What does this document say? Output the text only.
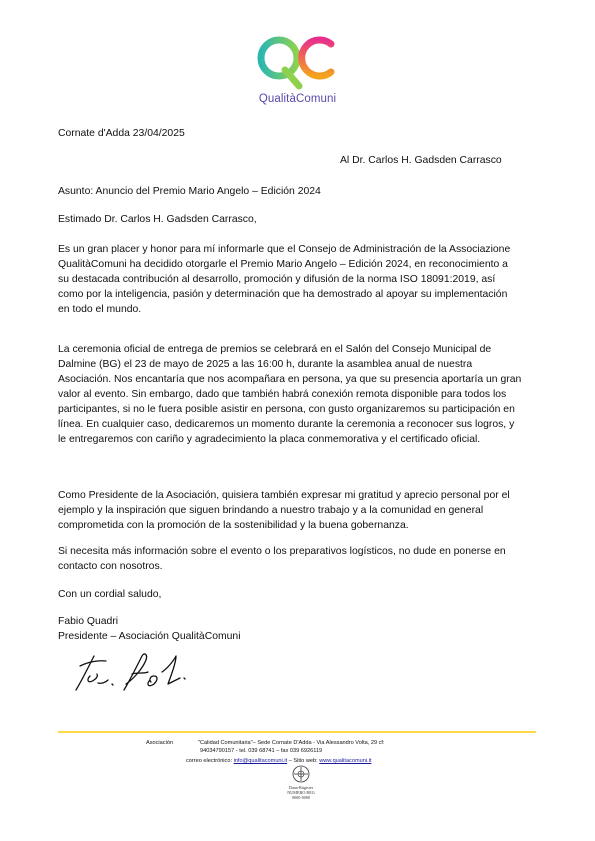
QualitàComuni
Cornate d'Adda 23/04/2025
Al Dr. Carlos H. Gadsden Carrasco
Asunto: Anuncio del Premio Mario Angelo – Edición 2024
Estimado Dr. Carlos H. Gadsden Carrasco,
Es un gran placer y honor para mí informarle que el Consejo de Administración de la Associazione
QualitàComuni ha decidido otorgarle el Premio Mario Angelo – Edición 2024, en reconocimiento a
su destacada contribución al desarrollo, promoción y difusión de la norma ISO 18091:2019, así
como por la inteligencia, pasión y determinación que ha demostrado al apoyar su implementación
en todo el mundo.
La ceremonia oficial de entrega de premios se celebrará en el Salón del Consejo Municipal de
Dalmine (BG) el 23 de mayo de 2025 a las 16:00 h, durante la asamblea anual de nuestra
Asociación. Nos encantaría que nos acompañara en persona, ya que su presencia aportaría un gran
valor al evento. Sin embargo, dado que también habrá conexión remota disponible para todos los
participantes, si no le fuera posible asistir en persona, con gusto organizaremos su participación en
línea. En cualquier caso, dedicaremos un momento durante la ceremonia a reconocer sus logros, y
le entregaremos con cariño y agradecimiento la placa conmemorativa y el certificado oficial.
Como Presidente de la Asociación, quisiera también expresar mi gratitud y aprecio personal por el
ejemplo y la inspiración que siguen brindando a nuestro trabajo y a la comunidad en general
comprometida con la promoción de la sostenibilidad y la buena gobernanza.
Si necesita más información sobre el evento o los preparativos logísticos, no dude en ponerse en
contacto con nosotros.
Con un cordial saludo,
Fabio Quadri
Presidente – Asociación QualitàComuni
Asociación	"Calidad Comunitaria"– Sede Cornate D'Adda - Via Alessandro Volta, 29 cf:
94034790157 - tel. 039 68741 – fax 039 6926119
correo electrónico: info@qualitacomuni.it – Sitio web: www.qualitacomuni.it
Dana-Rügister
NUMERO REG
0000-0000
